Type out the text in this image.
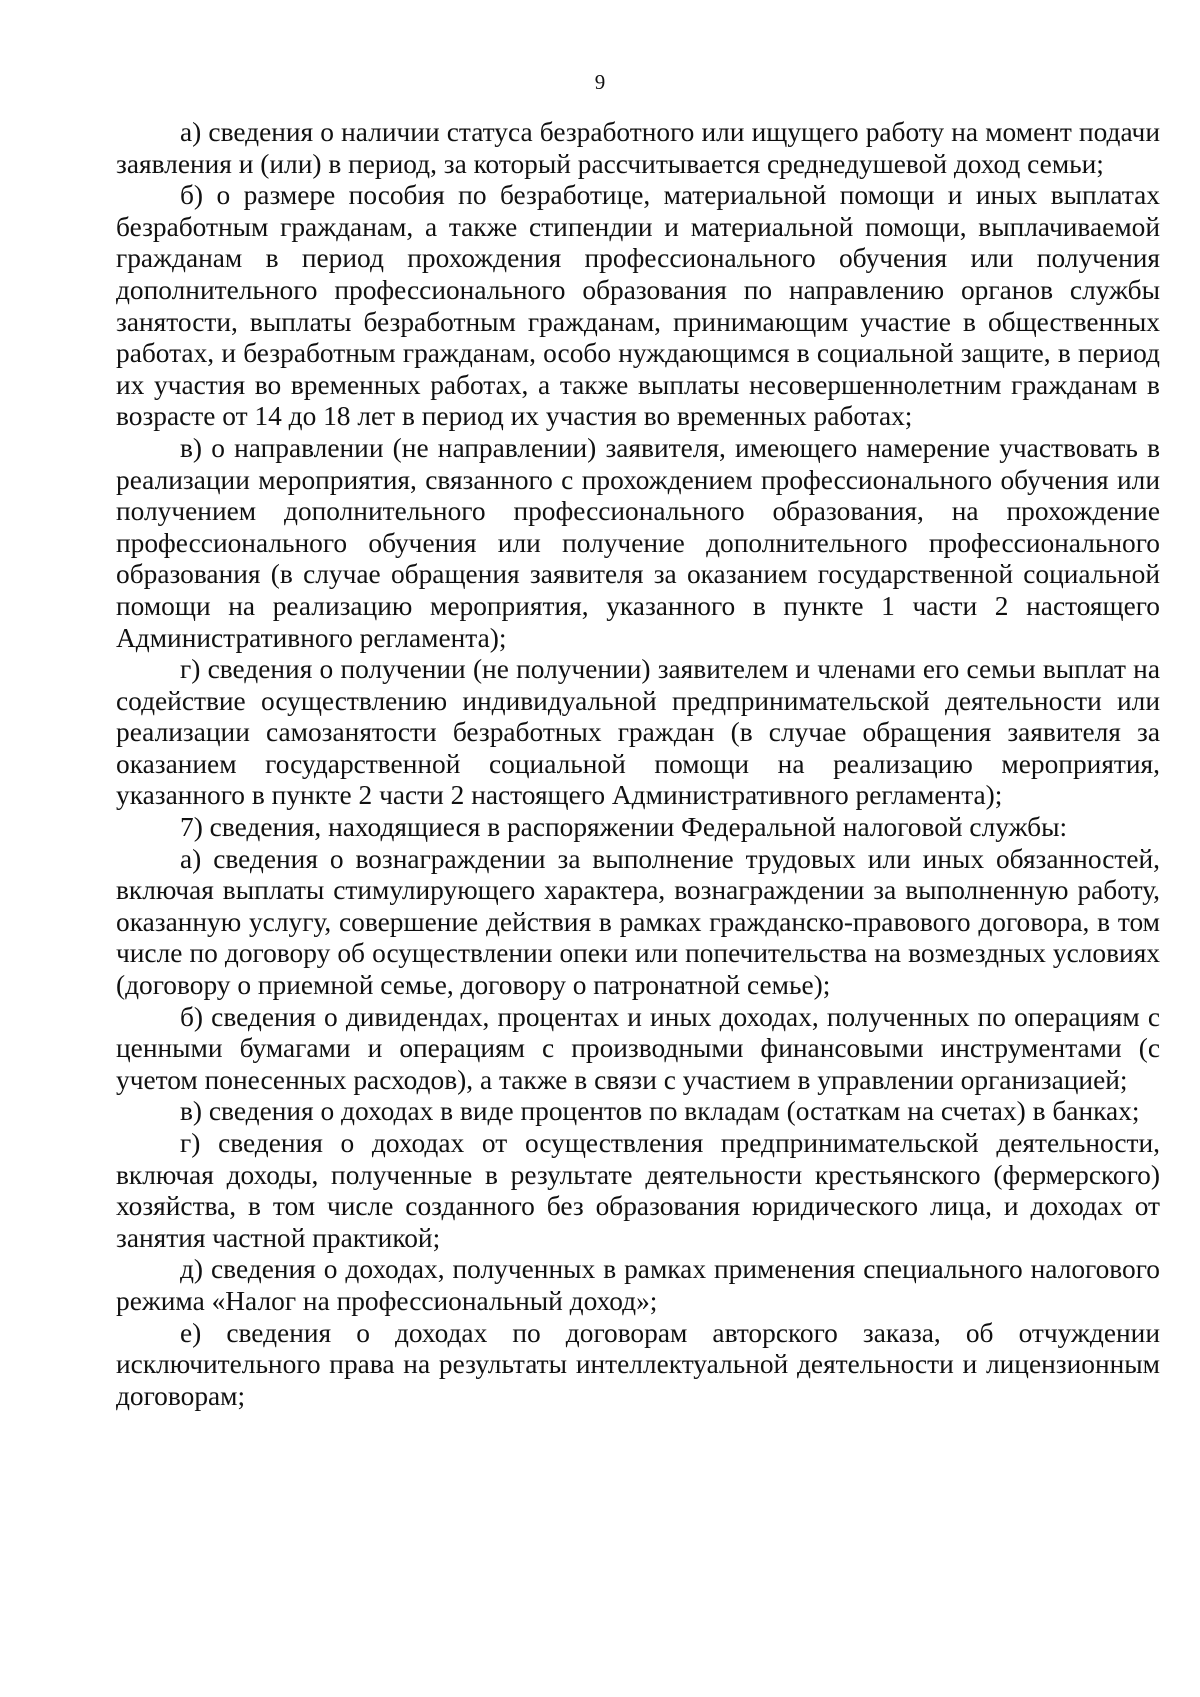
9

а) сведения о наличии статуса безработного или ищущего работу на момент подачи заявления и (или) в период, за который рассчитывается среднедушевой доход семьи;

б) о размере пособия по безработице, материальной помощи и иных выплатах безработным гражданам, а также стипендии и материальной помощи, выплачиваемой гражданам в период прохождения профессионального обучения или получения дополнительного профессионального образования по направлению органов службы занятости, выплаты безработным гражданам, принимающим участие в общественных работах, и безработным гражданам, особо нуждающимся в социальной защите, в период их участия во временных работах, а также выплаты несовершеннолетним гражданам в возрасте от 14 до 18 лет в период их участия во временных работах;

в) о направлении (не направлении) заявителя, имеющего намерение участвовать в реализации мероприятия, связанного с прохождением профессионального обучения или получением дополнительного профессионального образования, на прохождение профессионального обучения или получение дополнительного профессионального образования (в случае обращения заявителя за оказанием государственной социальной помощи на реализацию мероприятия, указанного в пункте 1 части 2 настоящего Административного регламента);

г) сведения о получении (не получении) заявителем и членами его семьи выплат на содействие осуществлению индивидуальной предпринимательской деятельности или реализации самозанятости безработных граждан (в случае обращения заявителя за оказанием государственной социальной помощи на реализацию мероприятия, указанного в пункте 2 части 2 настоящего Административного регламента);

7) сведения, находящиеся в распоряжении Федеральной налоговой службы:

а) сведения о вознаграждении за выполнение трудовых или иных обязанностей, включая выплаты стимулирующего характера, вознаграждении за выполненную работу, оказанную услугу, совершение действия в рамках гражданско-правового договора, в том числе по договору об осуществлении опеки или попечительства на возмездных условиях (договору о приемной семье, договору о патронатной семье);

б) сведения о дивидендах, процентах и иных доходах, полученных по операциям с ценными бумагами и операциям с производными финансовыми инструментами (с учетом понесенных расходов), а также в связи с участием в управлении организацией;

в) сведения о доходах в виде процентов по вкладам (остаткам на счетах) в банках;

г) сведения о доходах от осуществления предпринимательской деятельности, включая доходы, полученные в результате деятельности крестьянского (фермерского) хозяйства, в том числе созданного без образования юридического лица, и доходах от занятия частной практикой;

д) сведения о доходах, полученных в рамках применения специального налогового режима «Налог на профессиональный доход»;

е) сведения о доходах по договорам авторского заказа, об отчуждении исключительного права на результаты интеллектуальной деятельности и лицензионным договорам;
